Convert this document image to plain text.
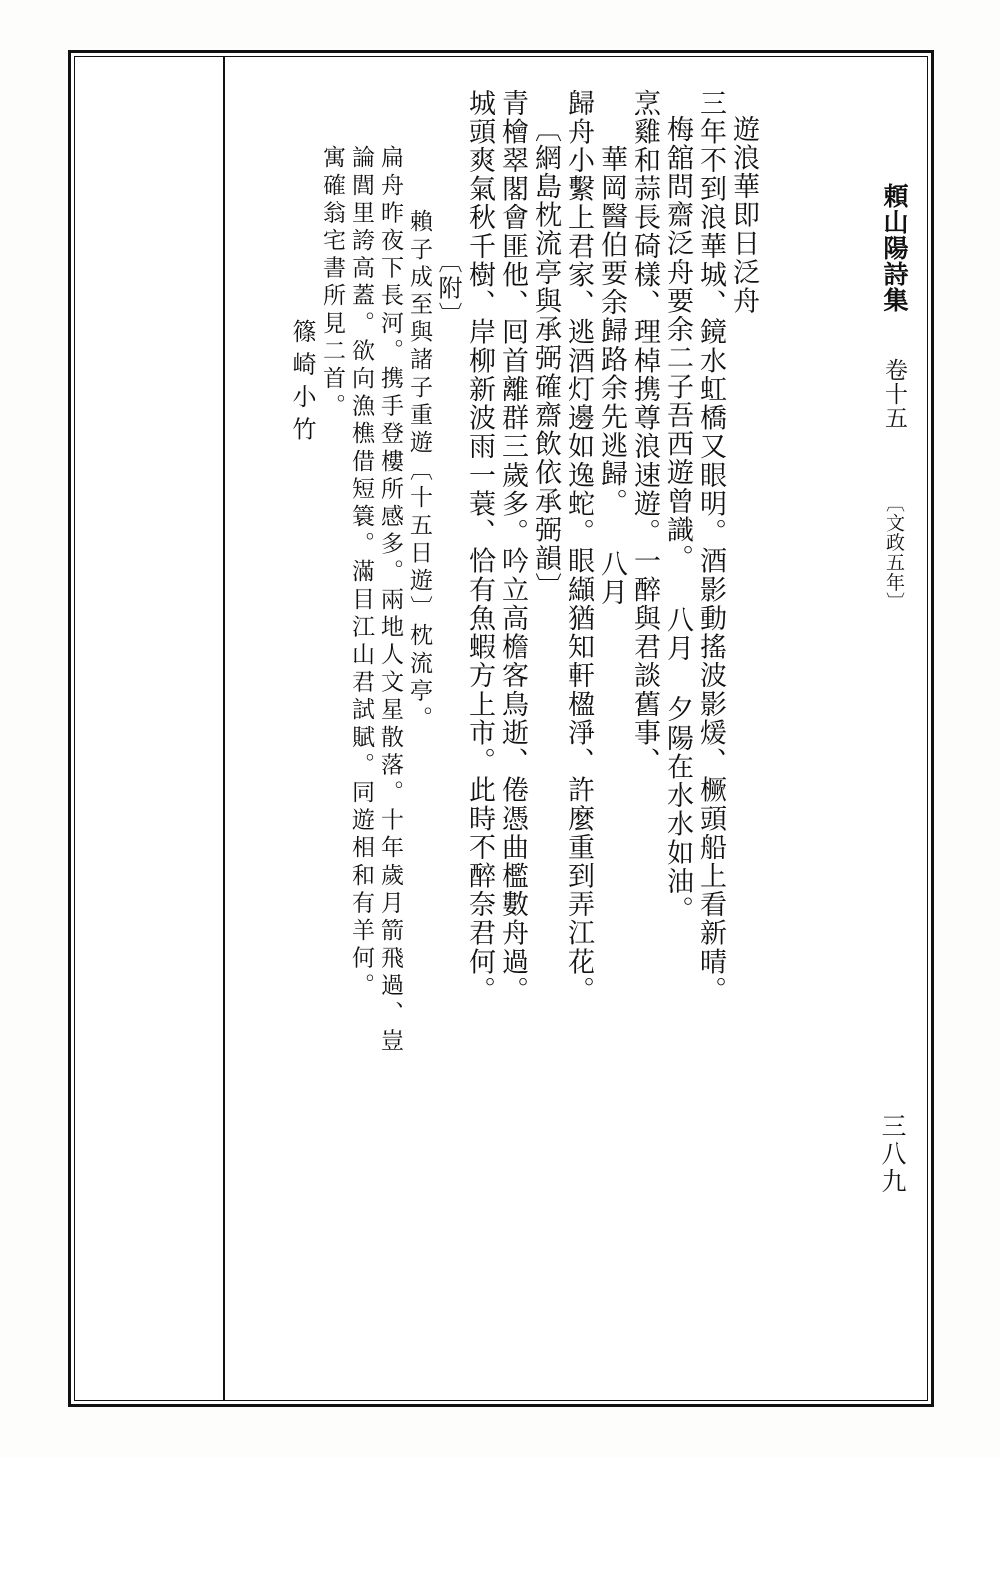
頼山陽詩集
卷十五
〔文政五年〕
三八九
遊浪華即日泛舟
三年不到浪華城、鏡水虹橋又眼明。酒影動搖波影煖、橛頭船上看新晴。
梅舘問齋泛舟要余二子吾西遊曾識。 八月 夕陽在水水如油。
烹雞和蒜長碕樣、理棹携尊浪速遊。一醉與君談舊事、
華岡醫伯要余歸路余先逃歸。 八月
歸舟小繫上君家、逃酒灯邊如逸蛇。眼纈猶知軒楹淨、許麼重到弄江花。
〔網島枕流亭與承弼確齋飲依承弼韻〕
青檜翠閣會匪他、囘首離群三歲多。吟立高檐客鳥逝、倦憑曲檻數舟過。
城頭爽氣秋千樹、岸柳新波雨一蓑、恰有魚蝦方上市。此時不醉奈君何。
〔附〕
賴子成至與諸子重遊〔十五日遊〕枕流亭。
扁舟昨夜下長河。携手登樓所感多。兩地人文星散落。十年歲月箭飛過、豈
論閭里誇高蓋。欲向漁樵借短簑。滿目江山君試賦。同遊相和有羊何。
寓確翁宅書所見二首。
篠崎小竹
